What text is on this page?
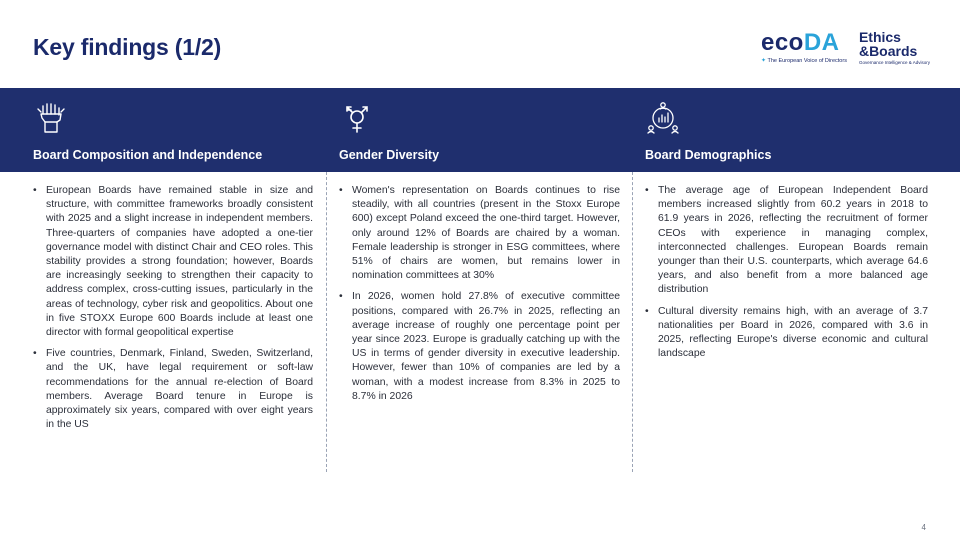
Key findings (1/2)	ecoDA
✦ The European Voice of Directors
Ethics
&Boards
Governance Intelligence & Advisory
Board Composition and Independence	Gender Diversity	Board Demographics
• European Boards have remained stable in size and structure, with committee frameworks broadly consistent with 2025 and a slight increase in independent members. Three-quarters of companies have adopted a one-tier governance model with distinct Chair and CEO roles. This stability provides a strong foundation; however, Boards are increasingly seeking to strengthen their capacity to address complex, cross-cutting issues, particularly in the areas of technology, cyber risk and geopolitics. About one in five STOXX Europe 600 Boards include at least one director with formal geopolitical expertise
• Five countries, Denmark, Finland, Sweden, Switzerland, and the UK, have legal requirement or soft-law recommendations for the annual re-election of Board members. Average Board tenure in Europe is approximately six years, compared with over eight years in the US
• Women's representation on Boards continues to rise steadily, with all countries (present in the Stoxx Europe 600) except Poland exceed the one-third target. However, only around 12% of Boards are chaired by a woman. Female leadership is stronger in ESG committees, where 51% of chairs are women, but remains lower in nomination committees at 30%
• In 2026, women hold 27.8% of executive committee positions, compared with 26.7% in 2025, reflecting an average increase of roughly one percentage point per year since 2023. Europe is gradually catching up with the US in terms of gender diversity in executive leadership. However, fewer than 10% of companies are led by a woman, with a modest increase from 8.3% in 2025 to 8.7% in 2026
• The average age of European Independent Board members increased slightly from 60.2 years in 2018 to 61.9 years in 2026, reflecting the recruitment of former CEOs with experience in managing complex, interconnected challenges. European Boards remain younger than their U.S. counterparts, which average 64.6 years, and also benefit from a more balanced age distribution
• Cultural diversity remains high, with an average of 3.7 nationalities per Board in 2026, compared with 3.6 in 2025, reflecting Europe's diverse economic and cultural landscape
4
